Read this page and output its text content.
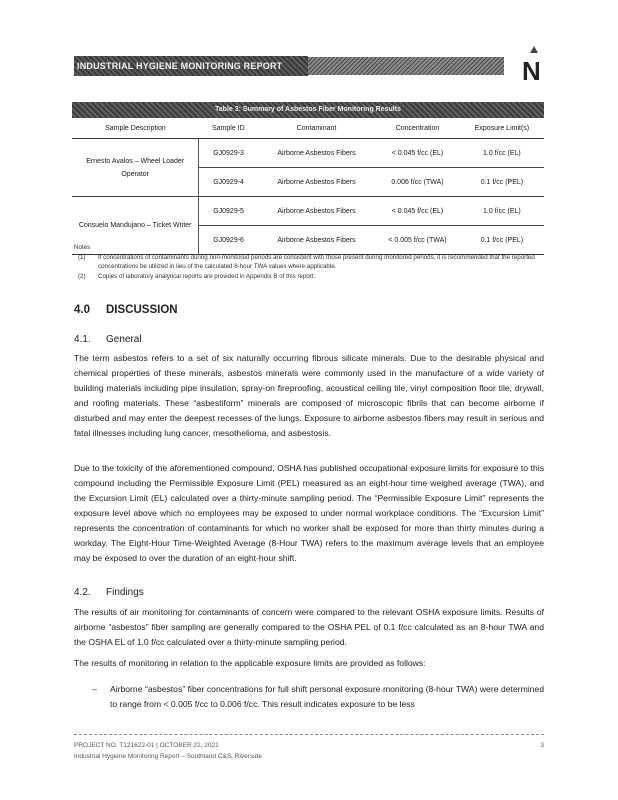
INDUSTRIAL HYGIENE MONITORING REPORT	N
Table 3: Summary of Asbestos Fiber Monitoring Results
Sample Description	Sample ID	Contaminant	Concentration	Exposure Limit(s)
Ernesto Avalos – Wheel Loader Operator	GJ0929-3	Airborne Asbestos Fibers	< 0.045 f/cc (EL)	1.0 f/cc (EL)
	GJ0929-4	Airborne Asbestos Fibers	0.006 f/cc (TWA)	0.1 f/cc (PEL)
Consuelo Mandujano – Ticket Writer	GJ0929-5	Airborne Asbestos Fibers	< 0.045 f/cc (EL)	1.0 f/cc (EL)
	GJ0929-6	Airborne Asbestos Fibers	< 0.005 f/cc (TWA)	0.1 f/cc (PEL)
Notes
(1)	If concentrations of contaminants during non-monitored periods are consistent with those present during monitored periods, it is recommended that the reported concentrations be utilized in lieu of the calculated 8-hour TWA values where applicable.
(2)	Copies of laboratory analytical reports are provided in Appendix B of this report.
4.0 DISCUSSION
4.1. General
The term asbestos refers to a set of six naturally occurring fibrous silicate minerals. Due to the desirable physical and chemical properties of these minerals, asbestos minerals were commonly used in the manufacture of a wide variety of building materials including pipe insulation, spray-on fireproofing, acoustical ceiling tile, vinyl composition floor tile, drywall, and roofing materials. These “asbestiform” minerals are composed of microscopic fibrils that can become airborne if disturbed and may enter the deepest recesses of the lungs. Exposure to airborne asbestos fibers may result in serious and fatal illnesses including lung cancer, mesothelioma, and asbestosis.
Due to the toxicity of the aforementioned compound, OSHA has published occupational exposure limits for exposure to this compound including the Permissible Exposure Limit (PEL) measured as an eight-hour time weighed average (TWA), and the Excursion Limit (EL) calculated over a thirty-minute sampling period. The “Permissible Exposure Limit” represents the exposure level above which no employees may be exposed to under normal workplace conditions. The “Excursion Limit” represents the concentration of contaminants for which no worker shall be exposed for more than thirty minutes during a workday. The Eight-Hour Time-Weighted Average (8-Hour TWA) refers to the maximum average levels that an employee may be exposed to over the duration of an eight-hour shift.
4.2. Findings
The results of air monitoring for contaminants of concern were compared to the relevant OSHA exposure limits. Results of airborne “asbestos” fiber sampling are generally compared to the OSHA PEL of 0.1 f/cc calculated as an 8-hour TWA and the OSHA EL of 1.0 f/cc calculated over a thirty-minute sampling period.
The results of monitoring in relation to the applicable exposure limits are provided as follows:
–	Airborne “asbestos” fiber concentrations for full shift personal exposure monitoring (8-hour TWA) were determined to range from < 0.005 f/cc to 0.006 f/cc. This result indicates exposure to be less
PROJECT NO. T121622-01 | OCTOBER 22, 2021
Industrial Hygiene Monitoring Report – Southland C&S, Riverside
3
